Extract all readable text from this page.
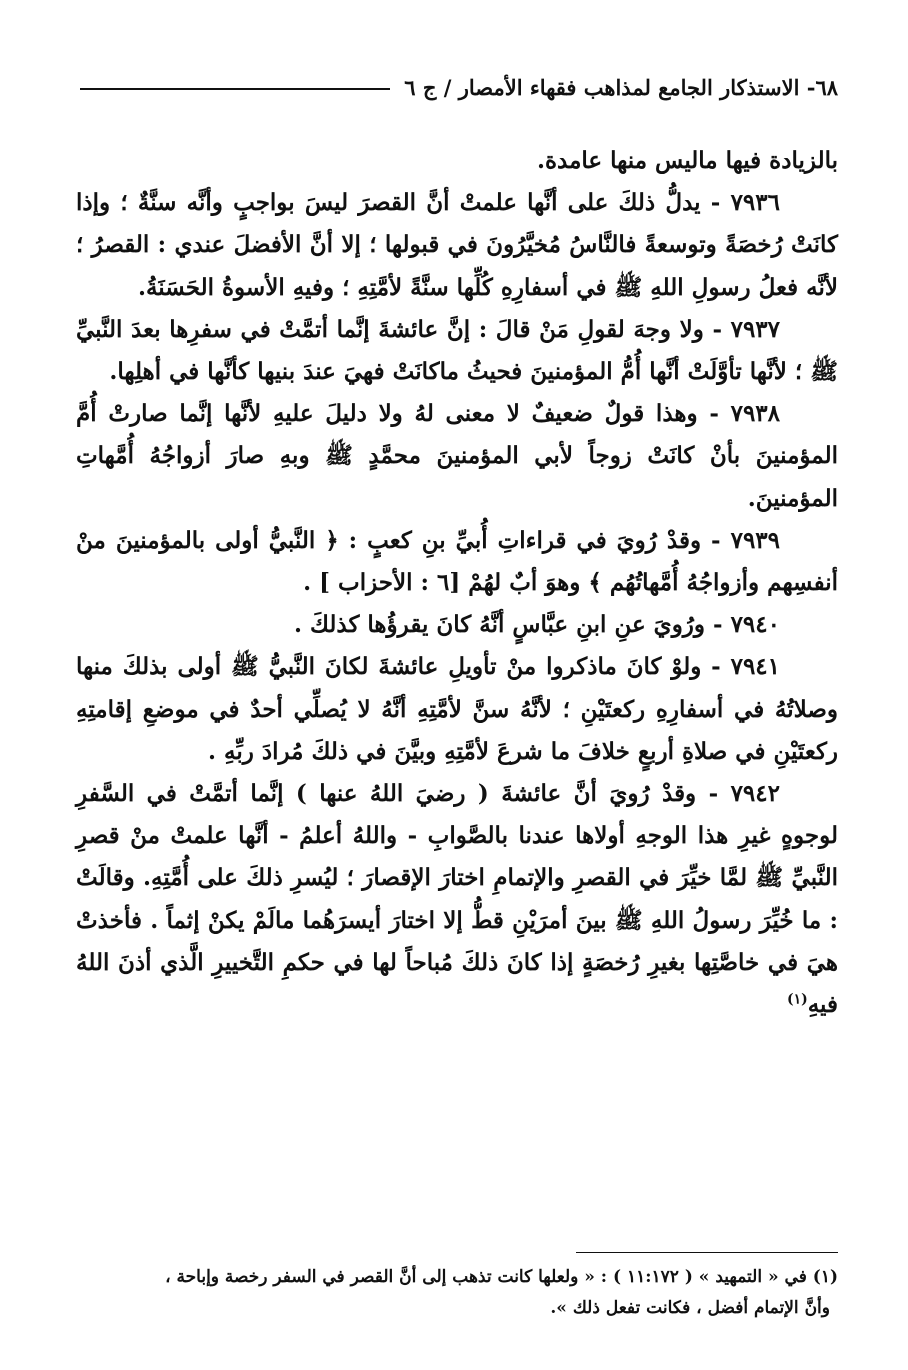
٦٨- الاستذكار الجامع لمذاهب فقهاء الأمصار / ج ٦

بالزيادة فيها ماليس منها عامدة.

٧٩٣٦ - يدلُّ ذلكَ على أنَّها علمتْ أنَّ القصرَ ليسَ بواجبٍ وأنَّه سنَّةٌ ؛ وإذا كانَتْ رُخصَةً وتوسعةً فالنَّاسُ مُخيَّرُونَ في قبولها ؛ إلا أنَّ الأفضلَ عندي : القصرُ ؛ لأنَّه فعلُ رسولِ اللهِ ﷺ في أسفارِهِ كُلِّها سنَّةً لأمَّتِهِ ؛ وفيهِ الأسوةُ الحَسَنَةُ.

٧٩٣٧ - ولا وجهَ لقولِ مَنْ قالَ : إنَّ عائشةَ إنَّما أتمَّتْ في سفرِها بعدَ النَّبيِّ ﷺ ؛ لأنَّها تأوَّلَتْ أنَّها أُمُّ المؤمنينَ فحيثُ ماكانَتْ فهيَ عندَ بنيها كأنَّها في أهلِها.

٧٩٣٨ - وهذا قولٌ ضعيفٌ لا معنى لهُ ولا دليلَ عليهِ لأنَّها إنَّما صارتْ أُمَّ المؤمنينَ بأنْ كانَتْ زوجاً لأبي المؤمنينَ محمَّدٍ ﷺ وبهِ صارَ أزواجُهُ أُمَّهاتِ المؤمنينَ.

٧٩٣٩ - وقدْ رُويَ في قراءاتِ أُبيِّ بنِ كعبٍ : ﴿ النَّبيُّ أولى بالمؤمنينَ منْ أنفسِهم وأزواجُهُ أُمَّهاتُهُم ﴾ وهوَ أبٌ لهُمْ [٦ : الأحزاب ] .

٧٩٤٠ - ورُويَ عنِ ابنِ عبَّاسٍ أنَّهُ كانَ يقرؤُها كذلكَ .

٧٩٤١ - ولوْ كانَ ماذكروا منْ تأويلِ عائشةَ لكانَ النَّبيُّ ﷺ أولى بذلكَ منها وصلاتُهُ في أسفارِهِ ركعتَيْنِ ؛ لأنَّهُ سنَّ لأمَّتِهِ أنَّهُ لا يُصلِّي أحدٌ في موضعِ إقامتِهِ ركعتَيْنِ في صلاةِ أربعٍ خلافَ ما شرعَ لأمَّتِهِ وبيَّنَ في ذلكَ مُرادَ ربِّهِ .

٧٩٤٢ - وقدْ رُويَ أنَّ عائشةَ ( رضيَ اللهُ عنها ) إنَّما أتمَّتْ في السَّفرِ لوجوهٍ غيرِ هذا الوجهِ أولاها عندنا بالصَّوابِ - واللهُ أعلمُ - أنَّها علمتْ منْ قصرِ النَّبيِّ ﷺ لمَّا خيِّرَ في القصرِ والإتمامِ اختارَ الإقصارَ ؛ ليُسرِ ذلكَ على أُمَّتِهِ. وقالَتْ : ما خُيِّرَ رسولُ اللهِ ﷺ بينَ أمرَيْنِ قطُّ إلا اختارَ أيسرَهُما مالَمْ يكنْ إثماً . فأخذتْ هيَ في خاصَّتِها بغيرِ رُخصَةٍ إذا كانَ ذلكَ مُباحاً لها في حكمِ التَّخييرِ الَّذي أذنَ اللهُ فيهِ$^{(١)}$

(١) في « التمهيد » ( ١١:١٧٢ ) : « ولعلها كانت تذهب إلى أنَّ القصر في السفر رخصة وإباحة ،

وأنَّ الإتمام أفضل ، فكانت تفعل ذلك ».
